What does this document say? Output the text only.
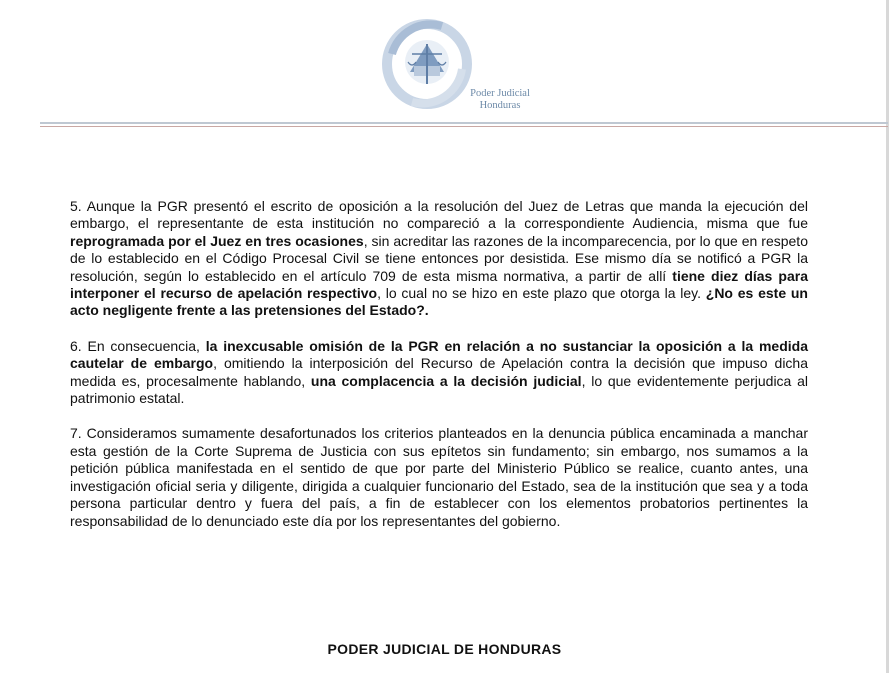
Poder Judicial
Honduras

5. Aunque la PGR presentó el escrito de oposición a la resolución del Juez de Letras que manda la ejecución del embargo, el representante de esta institución no compareció a la correspondiente Audiencia, misma que fue reprogramada por el Juez en tres ocasiones, sin acreditar las razones de la incomparecencia, por lo que en respeto de lo establecido en el Código Procesal Civil se tiene entonces por desistida. Ese mismo día se notificó a PGR la resolución, según lo establecido en el artículo 709 de esta misma normativa, a partir de allí tiene diez días para interponer el recurso de apelación respectivo, lo cual no se hizo en este plazo que otorga la ley. ¿No es este un acto negligente frente a las pretensiones del Estado?.

6. En consecuencia, la inexcusable omisión de la PGR en relación a no sustanciar la oposición a la medida cautelar de embargo, omitiendo la interposición del Recurso de Apelación contra la decisión que impuso dicha medida es, procesalmente hablando, una complacencia a la decisión judicial, lo que evidentemente perjudica al patrimonio estatal.

7. Consideramos sumamente desafortunados los criterios planteados en la denuncia pública encaminada a manchar esta gestión de la Corte Suprema de Justicia con sus epítetos sin fundamento; sin embargo, nos sumamos a la petición pública manifestada en el sentido de que por parte del Ministerio Público se realice, cuanto antes, una investigación oficial seria y diligente, dirigida a cualquier funcionario del Estado, sea de la institución que sea y a toda persona particular dentro y fuera del país, a fin de establecer con los elementos probatorios pertinentes la responsabilidad de lo denunciado este día por los representantes del gobierno.

PODER JUDICIAL DE HONDURAS
